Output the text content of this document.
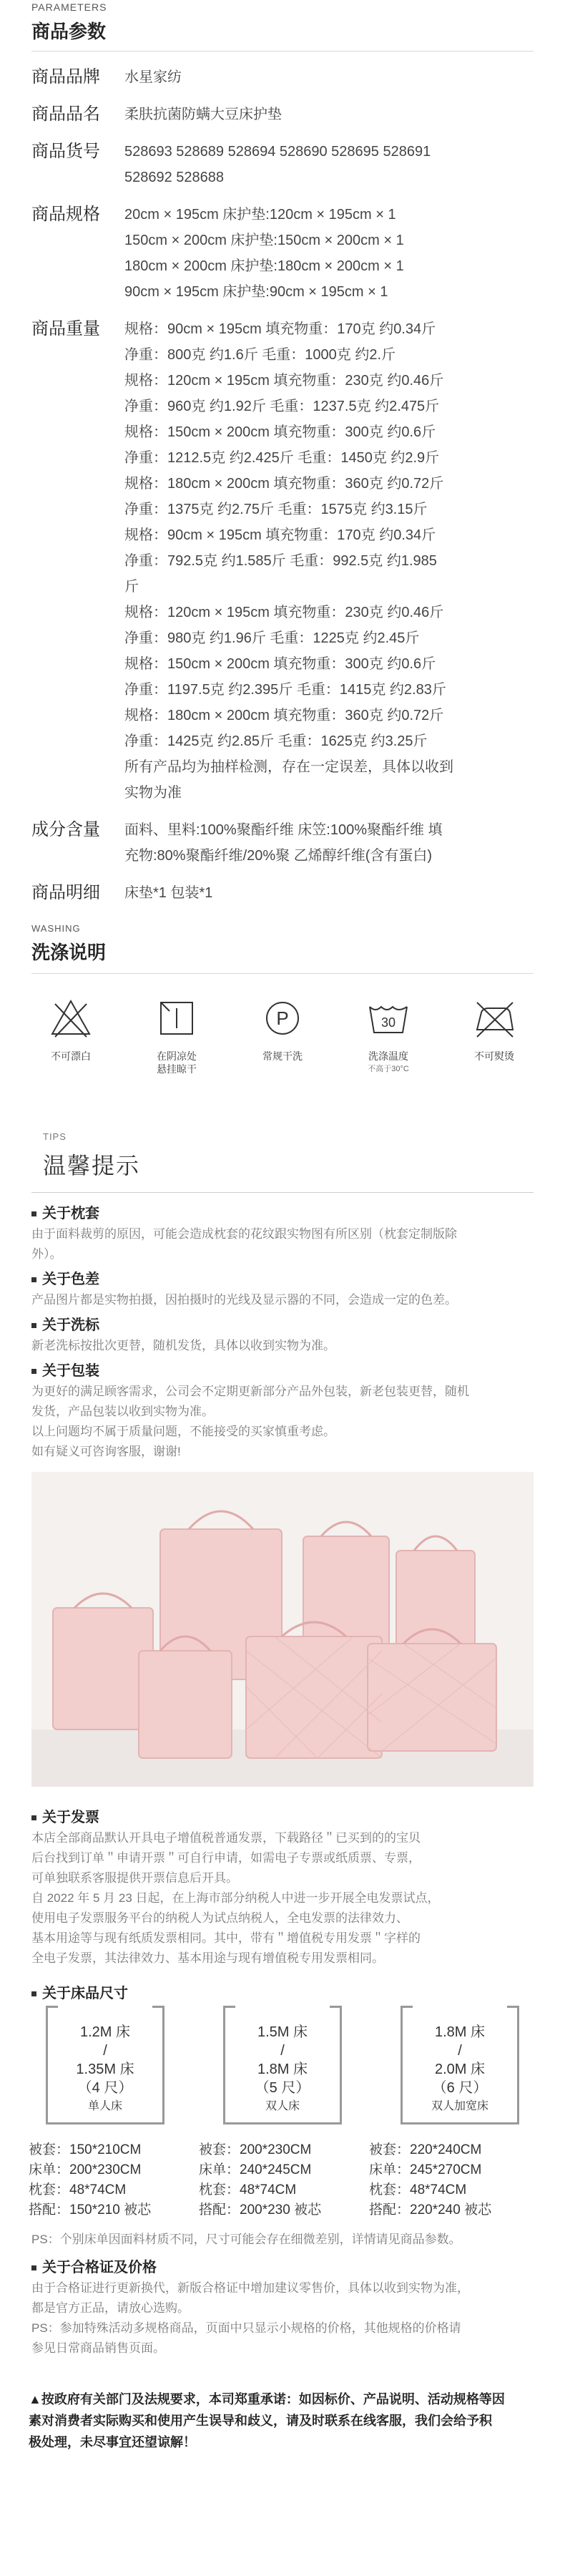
PARAMETERS
商品参数
商品品牌	水星家纺
商品品名	柔肤抗菌防螨大豆床护垫
商品货号	528693 528689 528694 528690 528695 528691
528692 528688
商品规格	20cm × 195cm 床护垫:120cm × 195cm × 1
150cm × 200cm 床护垫:150cm × 200cm × 1
180cm × 200cm 床护垫:180cm × 200cm × 1
90cm × 195cm 床护垫:90cm × 195cm × 1
商品重量	规格：90cm × 195cm 填充物重：170克 约0.34斤
净重：800克 约1.6斤 毛重：1000克 约2.斤
规格：120cm × 195cm 填充物重：230克 约0.46斤
净重：960克 约1.92斤 毛重：1237.5克 约2.475斤
规格：150cm × 200cm 填充物重：300克 约0.6斤
净重：1212.5克 约2.425斤 毛重：1450克 约2.9斤
规格：180cm × 200cm 填充物重：360克 约0.72斤
净重：1375克 约2.75斤 毛重：1575克 约3.15斤
规格：90cm × 195cm 填充物重：170克 约0.34斤
净重：792.5克 约1.585斤 毛重：992.5克 约1.985
斤
规格：120cm × 195cm 填充物重：230克 约0.46斤
净重：980克 约1.96斤 毛重：1225克 约2.45斤
规格：150cm × 200cm 填充物重：300克 约0.6斤
净重：1197.5克 约2.395斤 毛重：1415克 约2.83斤
规格：180cm × 200cm 填充物重：360克 约0.72斤
净重：1425克 约2.85斤 毛重：1625克 约3.25斤
所有产品均为抽样检测，存在一定误差，具体以收到
实物为准
成分含量	面料、里料:100%聚酯纤维 床笠:100%聚酯纤维 填
充物:80%聚酯纤维/20%聚 乙烯醇纤维(含有蛋白)
商品明细	床垫*1 包装*1
WASHING
洗涤说明
不可漂白	在阴凉处
悬挂晾干
P
常规干洗
30
洗涤温度
不高于30°C
不可熨烫
TIPS
温馨提示
关于枕套
由于面料裁剪的原因，可能会造成枕套的花纹跟实物图有所区别（枕套定制版除
外）。
关于色差
产品图片都是实物拍摄，因拍摄时的光线及显示器的不同，会造成一定的色差。
关于洗标
新老洗标按批次更替，随机发货，具体以收到实物为准。
关于包装
为更好的满足顾客需求，公司会不定期更新部分产品外包装，新老包装更替，随机
发货，产品包装以收到实物为准。
以上问题均不属于质量问题，不能接受的买家慎重考虑。
如有疑义可咨询客服，谢谢!
关于发票
本店全部商品默认开具电子增值税普通发票，下载路径＂已买到的的宝贝
后台找到订单＂申请开票＂可自行申请，如需电子专票或纸质票、专票，
可单独联系客服提供开票信息后开具。
自 2022 年 5 月 23 日起，在上海市部分纳税人中进一步开展全电发票试点，
使用电子发票服务平台的纳税人为试点纳税人，全电发票的法律效力、
基本用途等与现有纸质发票相同。其中，带有＂增值税专用发票＂字样的
全电子发票，其法律效力、基本用途与现有增值税专用发票相同。
关于床品尺寸
1.2M 床
/
1.35M 床
（4 尺）
单人床
1.5M 床
/
1.8M 床
（5 尺）
双人床
1.8M 床
/
2.0M 床
（6 尺）
双人加宽床
被套：150*210CM
床单：200*230CM
枕套：48*74CM
搭配：150*210 被芯
被套：200*230CM
床单：240*245CM
枕套：48*74CM
搭配：200*230 被芯
被套：220*240CM
床单：245*270CM
枕套：48*74CM
搭配：220*240 被芯
PS：个别床单因面料材质不同，尺寸可能会存在细微差别，详情请见商品参数。
关于合格证及价格
由于合格证进行更新换代，新版合格证中增加建议零售价，具体以收到实物为准，
都是官方正品，请放心选购。
PS：参加特殊活动多规格商品，页面中只显示小规格的价格，其他规格的价格请
参见日常商品销售页面。
▲ 按政府有关部门及法规要求，本司郑重承诺：如因标价、产品说明、活动规格等因
素对消费者实际购买和使用产生误导和歧义，请及时联系在线客服，我们会给予积
极处理，未尽事宜还望谅解！
